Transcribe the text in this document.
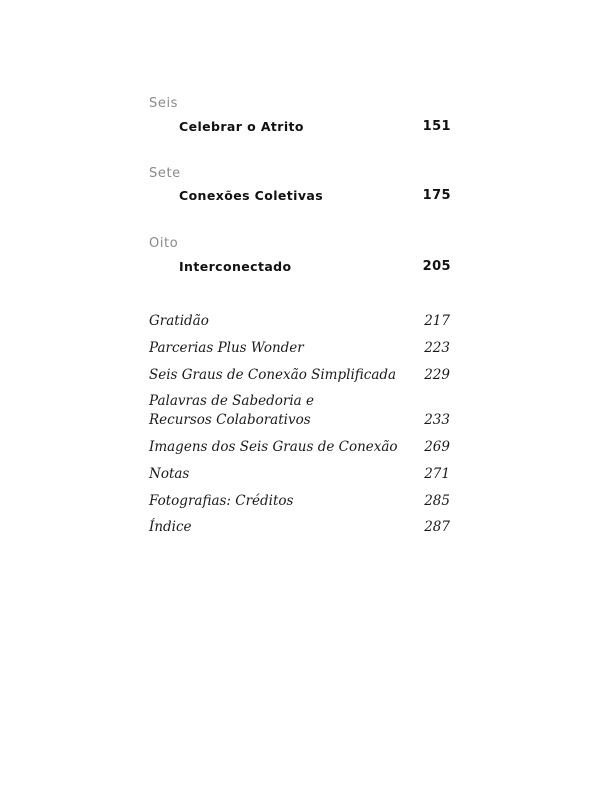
Seis
Celebrar o Atrito	151
Sete
Conexões Coletivas	175
Oito
Interconectado	205
Gratidão	217
Parcerias Plus Wonder	223
Seis Graus de Conexão Simplificada	229
Palavras de Sabedoria e Recursos Colaborativos	233
Imagens dos Seis Graus de Conexão	269
Notas	271
Fotografias: Créditos	285
Índice	287
